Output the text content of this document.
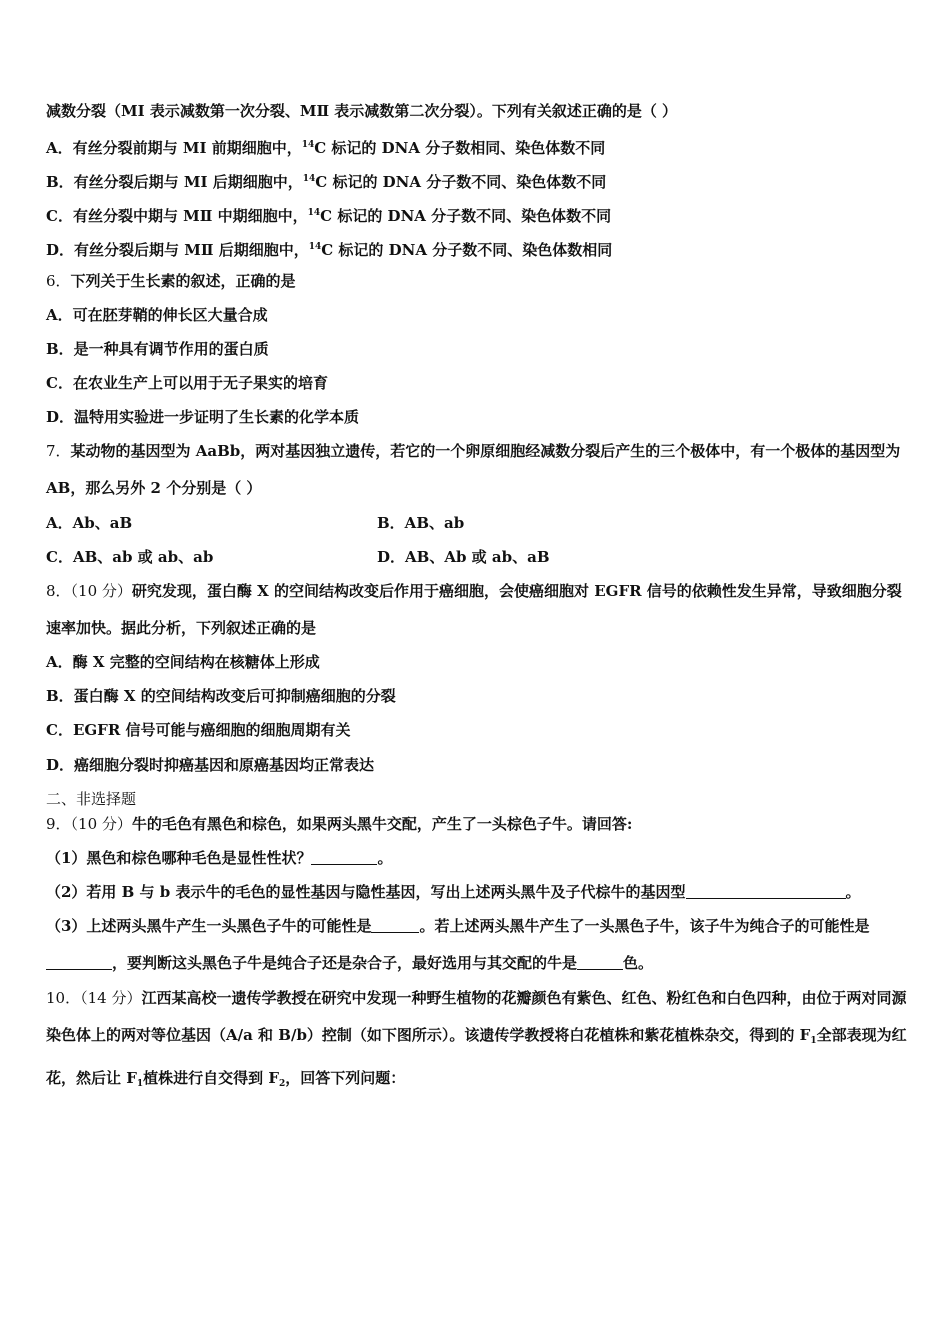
减数分裂（MI 表示减数第一次分裂、MⅡ 表示减数第二次分裂）。下列有关叙述正确的是（ ）
A．有丝分裂前期与 MI 前期细胞中，$^{14}$C 标记的 DNA 分子数相同、染色体数不同
B．有丝分裂后期与 MI 后期细胞中，$^{14}$C 标记的 DNA 分子数不同、染色体数不同
C．有丝分裂中期与 MⅡ 中期细胞中，$^{14}$C 标记的 DNA 分子数不同、染色体数不同
D．有丝分裂后期与 MⅡ 后期细胞中，$^{14}$C 标记的 DNA 分子数不同、染色体数相同
6．下列关于生长素的叙述，正确的是
A．可在胚芽鞘的伸长区大量合成
B．是一种具有调节作用的蛋白质
C．在农业生产上可以用于无子果实的培育
D．温特用实验进一步证明了生长素的化学本质
7．某动物的基因型为 AaBb，两对基因独立遗传，若它的一个卵原细胞经减数分裂后产生的三个极体中，有一个极体的基因型为 AB，那么另外 2 个分别是（ ）
A．Ab、aB	B．AB、ab
C．AB、ab 或 ab、ab	D．AB、Ab 或 ab、aB
8．（10 分）研究发现，蛋白酶 X 的空间结构改变后作用于癌细胞，会使癌细胞对 EGFR 信号的依赖性发生异常，导致细胞分裂速率加快。据此分析，下列叙述正确的是
A．酶 X 完整的空间结构在核糖体上形成
B．蛋白酶 X 的空间结构改变后可抑制癌细胞的分裂
C．EGFR 信号可能与癌细胞的细胞周期有关
D．癌细胞分裂时抑癌基因和原癌基因均正常表达
二、非选择题
9．（10 分）牛的毛色有黑色和棕色，如果两头黑牛交配，产生了一头棕色子牛。请回答:
（1）黑色和棕色哪种毛色是显性性状？	。
（2）若用 B 与 b 表示牛的毛色的显性基因与隐性基因，写出上述两头黑牛及子代棕牛的基因型	。
（3）上述两头黑牛产生一头黑色子牛的可能性是	。若上述两头黑牛产生了一头黑色子牛，该子牛为纯合子的可能性是，要判断这头黑色子牛是纯合子还是杂合子，最好选用与其交配的牛是	色。
10．（14 分）江西某高校一遗传学教授在研究中发现一种野生植物的花瓣颜色有紫色、红色、粉红色和白色四种，由位于两对同源染色体上的两对等位基因（A/a 和 B/b）控制（如下图所示）。该遗传学教授将白花植株和紫花植株杂交，得到的 $F_1$全部表现为红花，然后让 $F_1$植株进行自交得到 $F_2$，回答下列问题：
